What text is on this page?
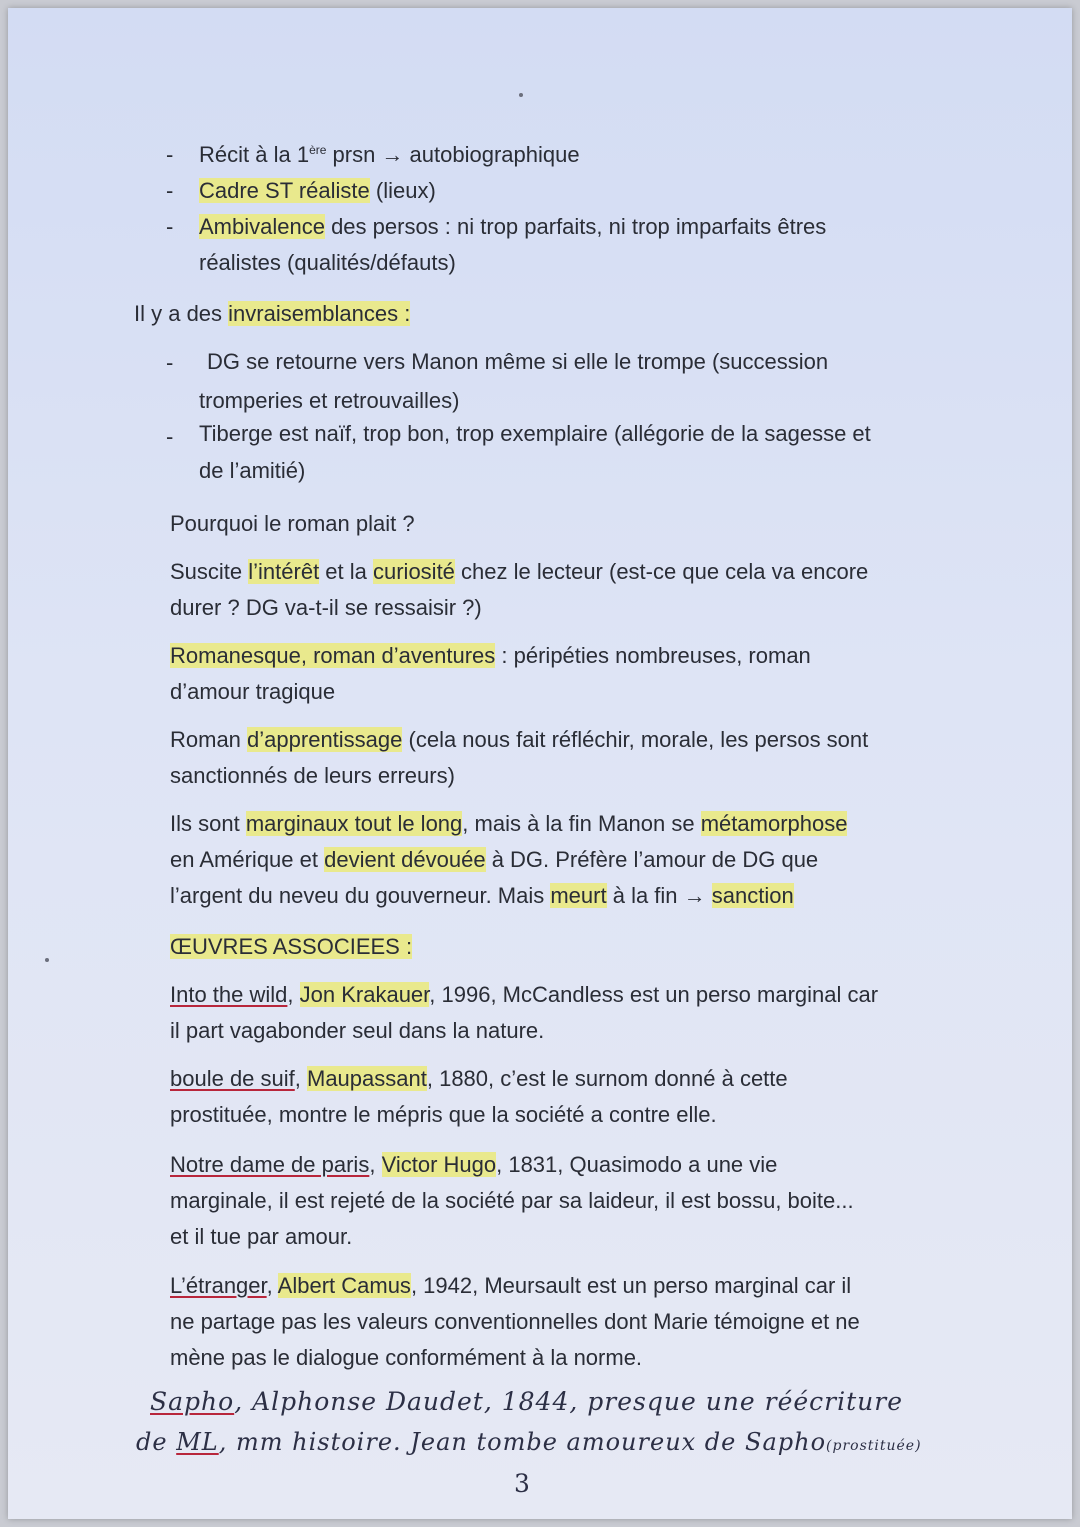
- Récit à la 1ère prsn → autobiographique
- Cadre ST réaliste (lieux)
- Ambivalence des persos : ni trop parfaits, ni trop imparfaits êtres
réalistes (qualités/défauts)
Il y a des invraisemblances :
- DG se retourne vers Manon même si elle le trompe (succession
tromperies et retrouvailles)
- Tiberge est naïf, trop bon, trop exemplaire (allégorie de la sagesse et
de l’amitié)
Pourquoi le roman plait ?
Suscite l’intérêt et la curiosité chez le lecteur (est-ce que cela va encore
durer ? DG va-t-il se ressaisir ?)
Romanesque, roman d’aventures : péripéties nombreuses, roman
d’amour tragique
Roman d’apprentissage (cela nous fait réfléchir, morale, les persos sont
sanctionnés de leurs erreurs)
Ils sont marginaux tout le long, mais à la fin Manon se métamorphose
en Amérique et devient dévouée à DG. Préfère l’amour de DG que
l’argent du neveu du gouverneur. Mais meurt à la fin → sanction
ŒUVRES ASSOCIEES :
Into the wild, Jon Krakauer, 1996, McCandless est un perso marginal car
il part vagabonder seul dans la nature.
boule de suif, Maupassant, 1880, c’est le surnom donné à cette
prostituée, montre le mépris que la société a contre elle.
Notre dame de paris, Victor Hugo, 1831, Quasimodo a une vie
marginale, il est rejeté de la société par sa laideur, il est bossu, boite...
et il tue par amour.
L’étranger, Albert Camus, 1942, Meursault est un perso marginal car il
ne partage pas les valeurs conventionnelles dont Marie témoigne et ne
mène pas le dialogue conformément à la norme.
Sapho, Alphonse Daudet, 1844, presque une réécriture
de ML, mm histoire. Jean tombe amoureux de Sapho(prostituée)
3
